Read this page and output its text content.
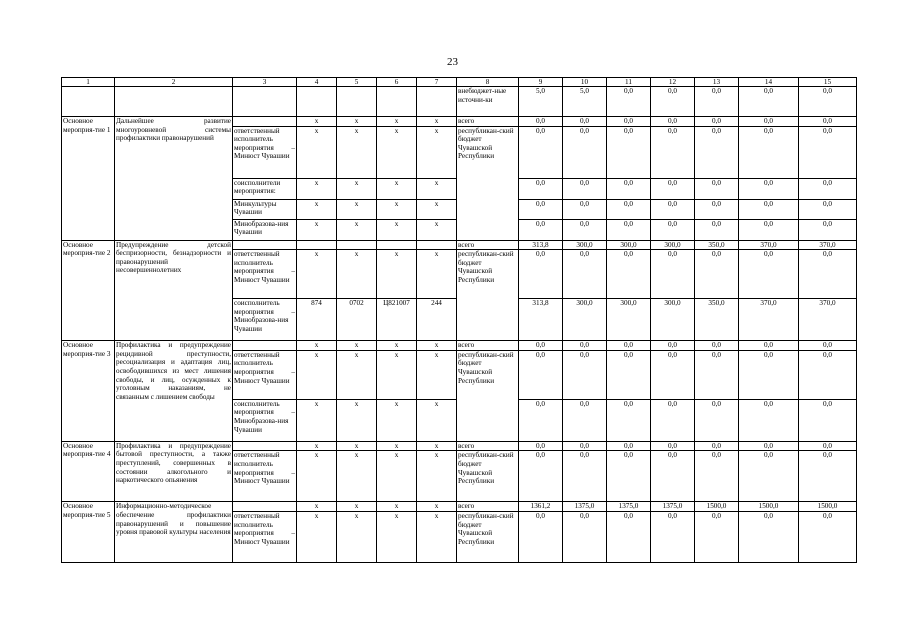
23
1	2	3	4	5	6	7	8	9	10	11	12	13	14	15
							внебюджет-ные источни-ки	5,0	5,0	0,0	0,0	0,0	0,0	0,0
Основное мероприя-тие 1	Дальнейшее развитие многоуровневой системы профилактики правонарушений		х	х	х	х	всего	0,0	0,0	0,0	0,0	0,0	0,0	0,0
		ответственный исполнитель мероприятия – Минюст Чувашии	х	х	х	х	республикан-ский бюджет Чувашской Республики	0,0	0,0	0,0	0,0	0,0	0,0	0,0
		соисполнители мероприятия:	х	х	х	х		0,0	0,0	0,0	0,0	0,0	0,0	0,0
		Минкультуры Чувашии	х	х	х	х		0,0	0,0	0,0	0,0	0,0	0,0	0,0
		Минобразова-ния Чувашии	х	х	х	х		0,0	0,0	0,0	0,0	0,0	0,0	0,0
Основное мероприя-тие 2	Предупреждение детской беспризорности, безнадзорности и правонарушений несовершеннолетних						всего	313,8	300,0	300,0	300,0	350,0	370,0	370,0
		ответственный исполнитель мероприятия – Минюст Чувашии	х	х	х	х	республикан-ский бюджет Чувашской Республики	0,0	0,0	0,0	0,0	0,0	0,0	0,0
		соисполнитель мероприятия – Минобразова-ния Чувашии	874	0702	Ц821007	244		313,8	300,0	300,0	300,0	350,0	370,0	370,0
Основное мероприя-тие 3	Профилактика и предупреждение рецидивной преступности, ресоциализация и адаптация лиц, освободившихся из мест лишения свободы, и лиц, осужденных к уголовным наказаниям, не связанным с лишением свободы		х	х	х	х	всего	0,0	0,0	0,0	0,0	0,0	0,0	0,0
		ответственный исполнитель мероприятия – Минюст Чувашии	х	х	х	х	республикан-ский бюджет Чувашской Республики	0,0	0,0	0,0	0,0	0,0	0,0	0,0
		соисполнитель мероприятия – Минобразова-ния Чувашии	х	х	х	х		0,0	0,0	0,0	0,0	0,0	0,0	0,0
Основное мероприя-тие 4	Профилактика и предупреждение бытовой преступности, а также преступлений, совершенных в состоянии алкогольного и наркотического опьянения		х	х	х	х	всего	0,0	0,0	0,0	0,0	0,0	0,0	0,0
		ответственный исполнитель мероприятия – Минюст Чувашии	х	х	х	х	республикан-ский бюджет Чувашской Республики	0,0	0,0	0,0	0,0	0,0	0,0	0,0
Основное мероприя-тие 5	Информационно-методическое обеспечение профилактики правонарушений и повышение уровня правовой культуры населения		х	х	х	х	всего	1361,2	1375,0	1375,0	1375,0	1500,0	1500,0	1500,0
		ответственный исполнитель мероприятия – Минюст Чувашии	х	х	х	х	республикан-ский бюджет Чувашской Республики	0,0	0,0	0,0	0,0	0,0	0,0	0,0
